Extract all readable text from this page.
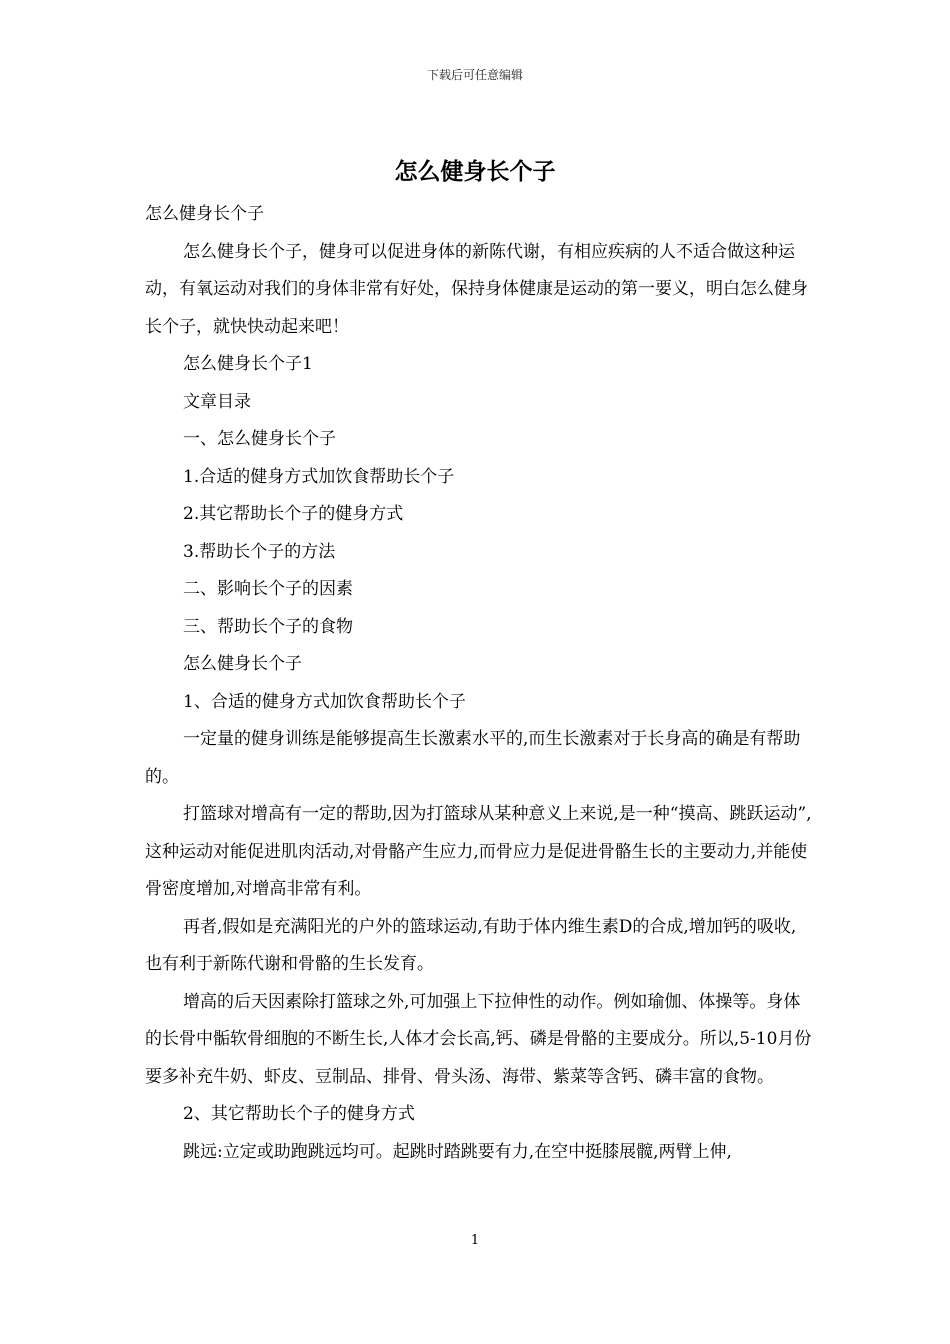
下载后可任意编辑
怎么健身长个子

怎么健身长个子

怎么健身长个子，健身可以促进身体的新陈代谢，有相应疾病的人不适合做这种运动，有氧运动对我们的身体非常有好处，保持身体健康是运动的第一要义，明白怎么健身长个子，就快快动起来吧！

怎么健身长个子1

文章目录

一、怎么健身长个子

1.合适的健身方式加饮食帮助长个子

2.其它帮助长个子的健身方式

3.帮助长个子的方法

二、影响长个子的因素

三、帮助长个子的食物

怎么健身长个子

1、合适的健身方式加饮食帮助长个子

一定量的健身训练是能够提高生长激素水平的,而生长激素对于长身高的确是有帮助的。

打篮球对增高有一定的帮助,因为打篮球从某种意义上来说,是一种“摸高、跳跃运动”,这种运动对能促进肌肉活动,对骨骼产生应力,而骨应力是促进骨骼生长的主要动力,并能使骨密度增加,对增高非常有利。

再者,假如是充满阳光的户外的篮球运动,有助于体内维生素D的合成,增加钙的吸收,也有利于新陈代谢和骨骼的生长发育。

增高的后天因素除打篮球之外,可加强上下拉伸性的动作。例如瑜伽、体操等。身体的长骨中骺软骨细胞的不断生长,人体才会长高,钙、磷是骨骼的主要成分。所以,5-10月份要多补充牛奶、虾皮、豆制品、排骨、骨头汤、海带、紫菜等含钙、磷丰富的食物。

2、其它帮助长个子的健身方式

跳远:立定或助跑跳远均可。起跳时踏跳要有力,在空中挺膝展髋,两臂上伸,

1
